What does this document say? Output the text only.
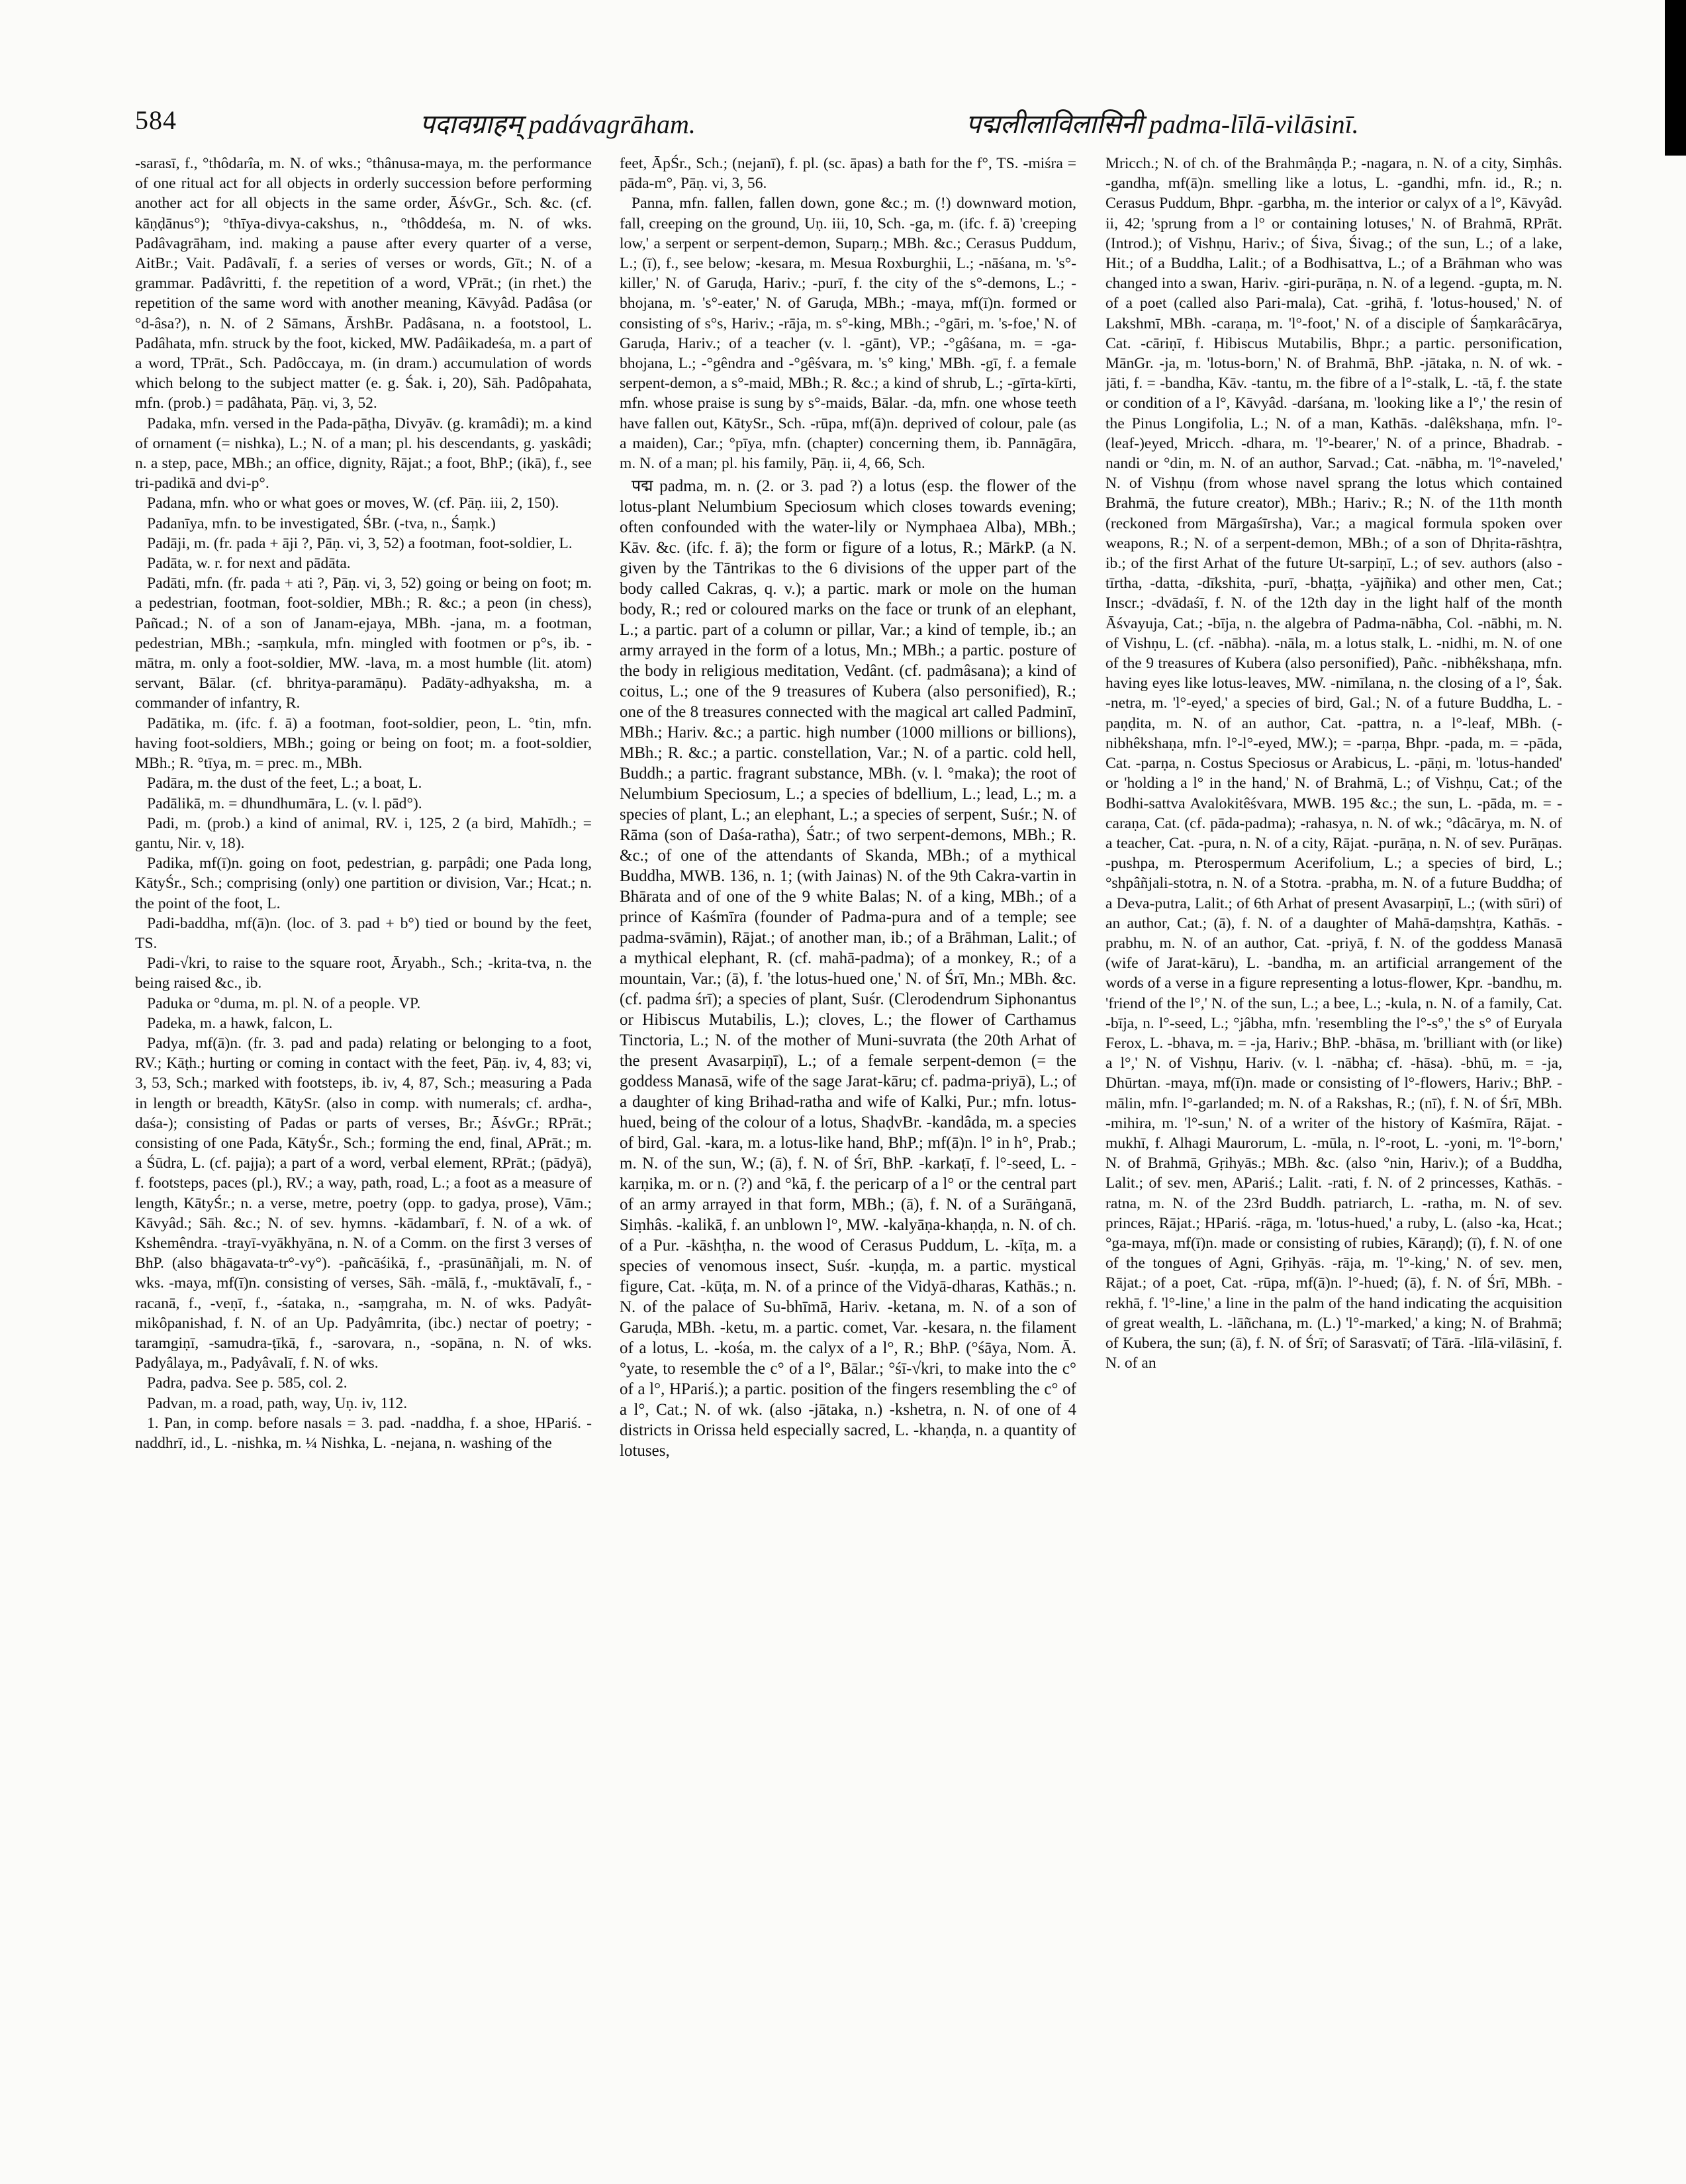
584	पदावग्राहम् padávagrāham.	पद्मलीलाविलासिनी padma-līlā-vilāsinī.

-sarasī, f., °thôdarîa, m. N. of wks.; °thânusa-maya, m. the performance of one ritual act for all objects in orderly succession before performing another act for all objects in the same order, ĀśvGr., Sch. &c. (cf. kāṇḍānus°); °thīya-divya-cakshus, n., °thôddeśa, m. N. of wks. Padâvagrāham, ind. making a pause after every quarter of a verse, AitBr.; Vait. Padâvalī, f. a series of verses or words, Gīt.; N. of a grammar. Padâvritti, f. the repetition of a word, VPrāt.; (in rhet.) the repetition of the same word with another meaning, Kāvyâd. Padâsa (or °d-âsa?), n. N. of 2 Sāmans, ĀrshBr. Padâsana, n. a footstool, L. Padâhata, mfn. struck by the foot, kicked, MW. Padâikadeśa, m. a part of a word, TPrāt., Sch. Padôccaya, m. (in dram.) accumulation of words which belong to the subject matter (e. g. Śak. i, 20), Sāh. Padôpahata, mfn. (prob.) = padâhata, Pāṇ. vi, 3, 52.

Padaka, mfn. versed in the Pada-pāṭha, Divyāv. (g. kramâdi); m. a kind of ornament (= nishka), L.; N. of a man; pl. his descendants, g. yaskâdi; n. a step, pace, MBh.; an office, dignity, Rājat.; a foot, BhP.; (ikā), f., see tri-padikā and dvi-p°.

Padana, mfn. who or what goes or moves, W. (cf. Pāṇ. iii, 2, 150).

Padanīya, mfn. to be investigated, ŚBr. (-tva, n., Śaṃk.)

Padāji, m. (fr. pada + āji ?, Pāṇ. vi, 3, 52) a footman, foot-soldier, L.

Padāta, w. r. for next and pādāta.

Padāti, mfn. (fr. pada + ati ?, Pāṇ. vi, 3, 52) going or being on foot; m. a pedestrian, footman, foot-soldier, MBh.; R. &c.; a peon (in chess), Pañcad.; N. of a son of Janam-ejaya, MBh. -jana, m. a footman, pedestrian, MBh.; -saṃkula, mfn. mingled with footmen or p°s, ib. -mātra, m. only a foot-soldier, MW. -lava, m. a most humble (lit. atom) servant, Bālar. (cf. bhritya-paramāṇu). Padāty-adhyaksha, m. a commander of infantry, R.

Padātika, m. (ifc. f. ā) a footman, foot-soldier, peon, L. °tin, mfn. having foot-soldiers, MBh.; going or being on foot; m. a foot-soldier, MBh.; R. °tīya, m. = prec. m., MBh.

Padāra, m. the dust of the feet, L.; a boat, L.

Padālikā, m. = dhundhumāra, L. (v. l. pād°).

Padi, m. (prob.) a kind of animal, RV. i, 125, 2 (a bird, Mahīdh.; = gantu, Nir. v, 18).

Padika, mf(ī)n. going on foot, pedestrian, g. parpâdi; one Pada long, KātyŚr., Sch.; comprising (only) one partition or division, Var.; Hcat.; n. the point of the foot, L.

Padi-baddha, mf(ā)n. (loc. of 3. pad + b°) tied or bound by the feet, TS.

Padi-√kri, to raise to the square root, Āryabh., Sch.; -krita-tva, n. the being raised &c., ib.

Paduka or °duma, m. pl. N. of a people. VP.

Padeka, m. a hawk, falcon, L.

Padya, mf(ā)n. (fr. 3. pad and pada) relating or belonging to a foot, RV.; Kāṭh.; hurting or coming in contact with the feet, Pāṇ. iv, 4, 83; vi, 3, 53, Sch.; marked with footsteps, ib. iv, 4, 87, Sch.; measuring a Pada in length or breadth, KātySr. (also in comp. with numerals; cf. ardha-, daśa-); consisting of Padas or parts of verses, Br.; ĀśvGr.; RPrāt.; consisting of one Pada, KātyŚr., Sch.; forming the end, final, APrāt.; m. a Śūdra, L. (cf. pajja); a part of a word, verbal element, RPrāt.; (pādyā), f. footsteps, paces (pl.), RV.; a way, path, road, L.; a foot as a measure of length, KātyŚr.; n. a verse, metre, poetry (opp. to gadya, prose), Vām.; Kāvyâd.; Sāh. &c.; N. of sev. hymns. -kādambarī, f. N. of a wk. of Kshemêndra. -trayī-vyākhyāna, n. N. of a Comm. on the first 3 verses of BhP. (also bhāgavata-tr°-vy°). -pañcāśikā, f., -prasūnāñjali, m. N. of wks. -maya, mf(ī)n. consisting of verses, Sāh. -mālā, f., -muktāvalī, f., -racanā, f., -veṇī, f., -śataka, n., -saṃgraha, m. N. of wks. Padyât-mikôpanishad, f. N. of an Up. Padyâmrita, (ibc.) nectar of poetry; -taramgiṇī, -samudra-ṭīkā, f., -sarovara, n., -sopāna, n. N. of wks. Padyâlaya, m., Padyâvalī, f. N. of wks.

Padra, padva. See p. 585, col. 2.

Padvan, m. a road, path, way, Uṇ. iv, 112.

1. Pan, in comp. before nasals = 3. pad. -naddha, f. a shoe, HPariś. -naddhrī, id., L. -nishka, m. ¼ Nishka, L. -nejana, n. washing of the

feet, ĀpŚr., Sch.; (nejanī), f. pl. (sc. āpas) a bath for the f°, TS. -miśra = pāda-m°, Pāṇ. vi, 3, 56.

Panna, mfn. fallen, fallen down, gone &c.; m. (!) downward motion, fall, creeping on the ground, Uṇ. iii, 10, Sch. -ga, m. (ifc. f. ā) 'creeping low,' a serpent or serpent-demon, Suparṇ.; MBh. &c.; Cerasus Puddum, L.; (ī), f., see below; -kesara, m. Mesua Roxburghii, L.; -nāśana, m. 's°-killer,' N. of Garuḍa, Hariv.; -purī, f. the city of the s°-demons, L.; -bhojana, m. 's°-eater,' N. of Garuḍa, MBh.; -maya, mf(ī)n. formed or consisting of s°s, Hariv.; -rāja, m. s°-king, MBh.; -°gāri, m. 's-foe,' N. of Garuḍa, Hariv.; of a teacher (v. l. -gānt), VP.; -°gâśana, m. = -ga-bhojana, L.; -°gêndra and -°gêśvara, m. 's° king,' MBh. -gī, f. a female serpent-demon, a s°-maid, MBh.; R. &c.; a kind of shrub, L.; -gīrta-kīrti, mfn. whose praise is sung by s°-maids, Bālar. -da, mfn. one whose teeth have fallen out, KātySr., Sch. -rūpa, mf(ā)n. deprived of colour, pale (as a maiden), Car.; °pīya, mfn. (chapter) concerning them, ib. Pannāgāra, m. N. of a man; pl. his family, Pāṇ. ii, 4, 66, Sch.

पद्म padma, m. n. (2. or 3. pad ?) a lotus (esp. the flower of the lotus-plant Nelumbium Speciosum which closes towards evening; often confounded with the water-lily or Nymphaea Alba), MBh.; Kāv. &c. (ifc. f. ā); the form or figure of a lotus, R.; MārkP. (a N. given by the Tāntrikas to the 6 divisions of the upper part of the body called Cakras, q. v.); a partic. mark or mole on the human body, R.; red or coloured marks on the face or trunk of an elephant, L.; a partic. part of a column or pillar, Var.; a kind of temple, ib.; an army arrayed in the form of a lotus, Mn.; MBh.; a partic. posture of the body in religious meditation, Vedânt. (cf. padmâsana); a kind of coitus, L.; one of the 9 treasures of Kubera (also personified), R.; one of the 8 treasures connected with the magical art called Padminī, MBh.; Hariv. &c.; a partic. high number (1000 millions or billions), MBh.; R. &c.; a partic. constellation, Var.; N. of a partic. cold hell, Buddh.; a partic. fragrant substance, MBh. (v. l. °maka); the root of Nelumbium Speciosum, L.; a species of bdellium, L.; lead, L.; m. a species of plant, L.; an elephant, L.; a species of serpent, Suśr.; N. of Rāma (son of Daśa-ratha), Śatr.; of two serpent-demons, MBh.; R. &c.; of one of the attendants of Skanda, MBh.; of a mythical Buddha, MWB. 136, n. 1; (with Jainas) N. of the 9th Cakra-vartin in Bhārata and of one of the 9 white Balas; N. of a king, MBh.; of a prince of Kaśmīra (founder of Padma-pura and of a temple; see padma-svāmin), Rājat.; of another man, ib.; of a Brāhman, Lalit.; of a mythical elephant, R. (cf. mahā-padma); of a monkey, R.; of a mountain, Var.; (ā), f. 'the lotus-hued one,' N. of Śrī, Mn.; MBh. &c. (cf. padma śrī); a species of plant, Suśr. (Clerodendrum Siphonantus or Hibiscus Mutabilis, L.); cloves, L.; the flower of Carthamus Tinctoria, L.; N. of the mother of Muni-suvrata (the 20th Arhat of the present Avasarpiṇī), L.; of a female serpent-demon (= the goddess Manasā, wife of the sage Jarat-kāru; cf. padma-priyā), L.; of a daughter of king Brihad-ratha and wife of Kalki, Pur.; mfn. lotus-hued, being of the colour of a lotus, ShaḍvBr. -kandâda, m. a species of bird, Gal. -kara, m. a lotus-like hand, BhP.; mf(ā)n. l° in h°, Prab.; m. N. of the sun, W.; (ā), f. N. of Śrī, BhP. -karkaṭī, f. l°-seed, L. -karṇika, m. or n. (?) and °kā, f. the pericarp of a l° or the central part of an army arrayed in that form, MBh.; (ā), f. N. of a Surāṅganā, Siṃhâs. -kalikā, f. an unblown l°, MW. -kalyāṇa-khaṇḍa, n. N. of ch. of a Pur. -kāshṭha, n. the wood of Cerasus Puddum, L. -kīṭa, m. a species of venomous insect, Suśr. -kuṇḍa, m. a partic. mystical figure, Cat. -kūṭa, m. N. of a prince of the Vidyā-dharas, Kathās.; n. N. of the palace of Su-bhīmā, Hariv. -ketana, m. N. of a son of Garuḍa, MBh. -ketu, m. a partic. comet, Var. -kesara, n. the filament of a lotus, L. -kośa, m. the calyx of a l°, R.; BhP. (°śāya, Nom. Ā. °yate, to resemble the c° of a l°, Bālar.; °śī-√kri, to make into the c° of a l°, HPariś.); a partic. position of the fingers resembling the c° of a l°, Cat.; N. of wk. (also -jātaka, n.) -kshetra, n. N. of one of 4 districts in Orissa held especially sacred, L. -khaṇḍa, n. a quantity of lotuses,

Mricch.; N. of ch. of the Brahmâṇḍa P.; -nagara, n. N. of a city, Siṃhâs. -gandha, mf(ā)n. smelling like a lotus, L. -gandhi, mfn. id., R.; n. Cerasus Puddum, Bhpr. -garbha, m. the interior or calyx of a l°, Kāvyâd. ii, 42; 'sprung from a l° or containing lotuses,' N. of Brahmā, RPrāt. (Introd.); of Vishṇu, Hariv.; of Śiva, Śivag.; of the sun, L.; of a lake, Hit.; of a Buddha, Lalit.; of a Bodhisattva, L.; of a Brāhman who was changed into a swan, Hariv. -giri-purāṇa, n. N. of a legend. -gupta, m. N. of a poet (called also Pari-mala), Cat. -grihā, f. 'lotus-housed,' N. of Lakshmī, MBh. -caraṇa, m. 'l°-foot,' N. of a disciple of Śaṃkarâcārya, Cat. -cāriṇī, f. Hibiscus Mutabilis, Bhpr.; a partic. personification, MānGr. -ja, m. 'lotus-born,' N. of Brahmā, BhP. -jātaka, n. N. of wk. -jāti, f. = -bandha, Kāv. -tantu, m. the fibre of a l°-stalk, L. -tā, f. the state or condition of a l°, Kāvyâd. -darśana, m. 'looking like a l°,' the resin of the Pinus Longifolia, L.; N. of a man, Kathās. -dalêkshaṇa, mfn. l°-(leaf-)eyed, Mricch. -dhara, m. 'l°-bearer,' N. of a prince, Bhadrab. -nandi or °din, m. N. of an author, Sarvad.; Cat. -nābha, m. 'l°-naveled,' N. of Vishṇu (from whose navel sprang the lotus which contained Brahmā, the future creator), MBh.; Hariv.; R.; N. of the 11th month (reckoned from Mārgaśīrsha), Var.; a magical formula spoken over weapons, R.; N. of a serpent-demon, MBh.; of a son of Dhṛita-rāshṭra, ib.; of the first Arhat of the future Ut-sarpiṇī, L.; of sev. authors (also -tīrtha, -datta, -dīkshita, -purī, -bhaṭṭa, -yājñika) and other men, Cat.; Inscr.; -dvādaśī, f. N. of the 12th day in the light half of the month Āśvayuja, Cat.; -bīja, n. the algebra of Padma-nābha, Col. -nābhi, m. N. of Vishṇu, L. (cf. -nābha). -nāla, m. a lotus stalk, L. -nidhi, m. N. of one of the 9 treasures of Kubera (also personified), Pañc. -nibhêkshaṇa, mfn. having eyes like lotus-leaves, MW. -nimīlana, n. the closing of a l°, Śak. -netra, m. 'l°-eyed,' a species of bird, Gal.; N. of a future Buddha, L. -paṇḍita, m. N. of an author, Cat. -pattra, n. a l°-leaf, MBh. (-nibhêkshaṇa, mfn. l°-l°-eyed, MW.); = -parṇa, Bhpr. -pada, m. = -pāda, Cat. -parṇa, n. Costus Speciosus or Arabicus, L. -pāṇi, m. 'lotus-handed' or 'holding a l° in the hand,' N. of Brahmā, L.; of Vishṇu, Cat.; of the Bodhi-sattva Avalokitêśvara, MWB. 195 &c.; the sun, L. -pāda, m. = -caraṇa, Cat. (cf. pāda-padma); -rahasya, n. N. of wk.; °dâcārya, m. N. of a teacher, Cat. -pura, n. N. of a city, Rājat. -purāṇa, n. N. of sev. Purāṇas. -pushpa, m. Pterospermum Acerifolium, L.; a species of bird, L.; °shpâñjali-stotra, n. N. of a Stotra. -prabha, m. N. of a future Buddha; of a Deva-putra, Lalit.; of 6th Arhat of present Avasarpiṇī, L.; (with sūri) of an author, Cat.; (ā), f. N. of a daughter of Mahā-daṃshṭra, Kathās. -prabhu, m. N. of an author, Cat. -priyā, f. N. of the goddess Manasā (wife of Jarat-kāru), L. -bandha, m. an artificial arrangement of the words of a verse in a figure representing a lotus-flower, Kpr. -bandhu, m. 'friend of the l°,' N. of the sun, L.; a bee, L.; -kula, n. N. of a family, Cat. -bīja, n. l°-seed, L.; °jâbha, mfn. 'resembling the l°-s°,' the s° of Euryala Ferox, L. -bhava, m. = -ja, Hariv.; BhP. -bhāsa, m. 'brilliant with (or like) a l°,' N. of Vishṇu, Hariv. (v. l. -nābha; cf. -hāsa). -bhū, m. = -ja, Dhūrtan. -maya, mf(ī)n. made or consisting of l°-flowers, Hariv.; BhP. -mālin, mfn. l°-garlanded; m. N. of a Rakshas, R.; (nī), f. N. of Śrī, MBh. -mihira, m. 'l°-sun,' N. of a writer of the history of Kaśmīra, Rājat. -mukhī, f. Alhagi Maurorum, L. -mūla, n. l°-root, L. -yoni, m. 'l°-born,' N. of Brahmā, Gṛihyās.; MBh. &c. (also °nin, Hariv.); of a Buddha, Lalit.; of sev. men, APariś.; Lalit. -rati, f. N. of 2 princesses, Kathās. -ratna, m. N. of the 23rd Buddh. patriarch, L. -ratha, m. N. of sev. princes, Rājat.; HPariś. -rāga, m. 'lotus-hued,' a ruby, L. (also -ka, Hcat.; °ga-maya, mf(ī)n. made or consisting of rubies, Kāraṇḍ); (ī), f. N. of one of the tongues of Agni, Gṛihyās. -rāja, m. 'l°-king,' N. of sev. men, Rājat.; of a poet, Cat. -rūpa, mf(ā)n. l°-hued; (ā), f. N. of Śrī, MBh. -rekhā, f. 'l°-line,' a line in the palm of the hand indicating the acquisition of great wealth, L. -lāñchana, m. (L.) 'l°-marked,' a king; N. of Brahmā; of Kubera, the sun; (ā), f. N. of Śrī; of Sarasvatī; of Tārā. -līlā-vilāsinī, f. N. of an
